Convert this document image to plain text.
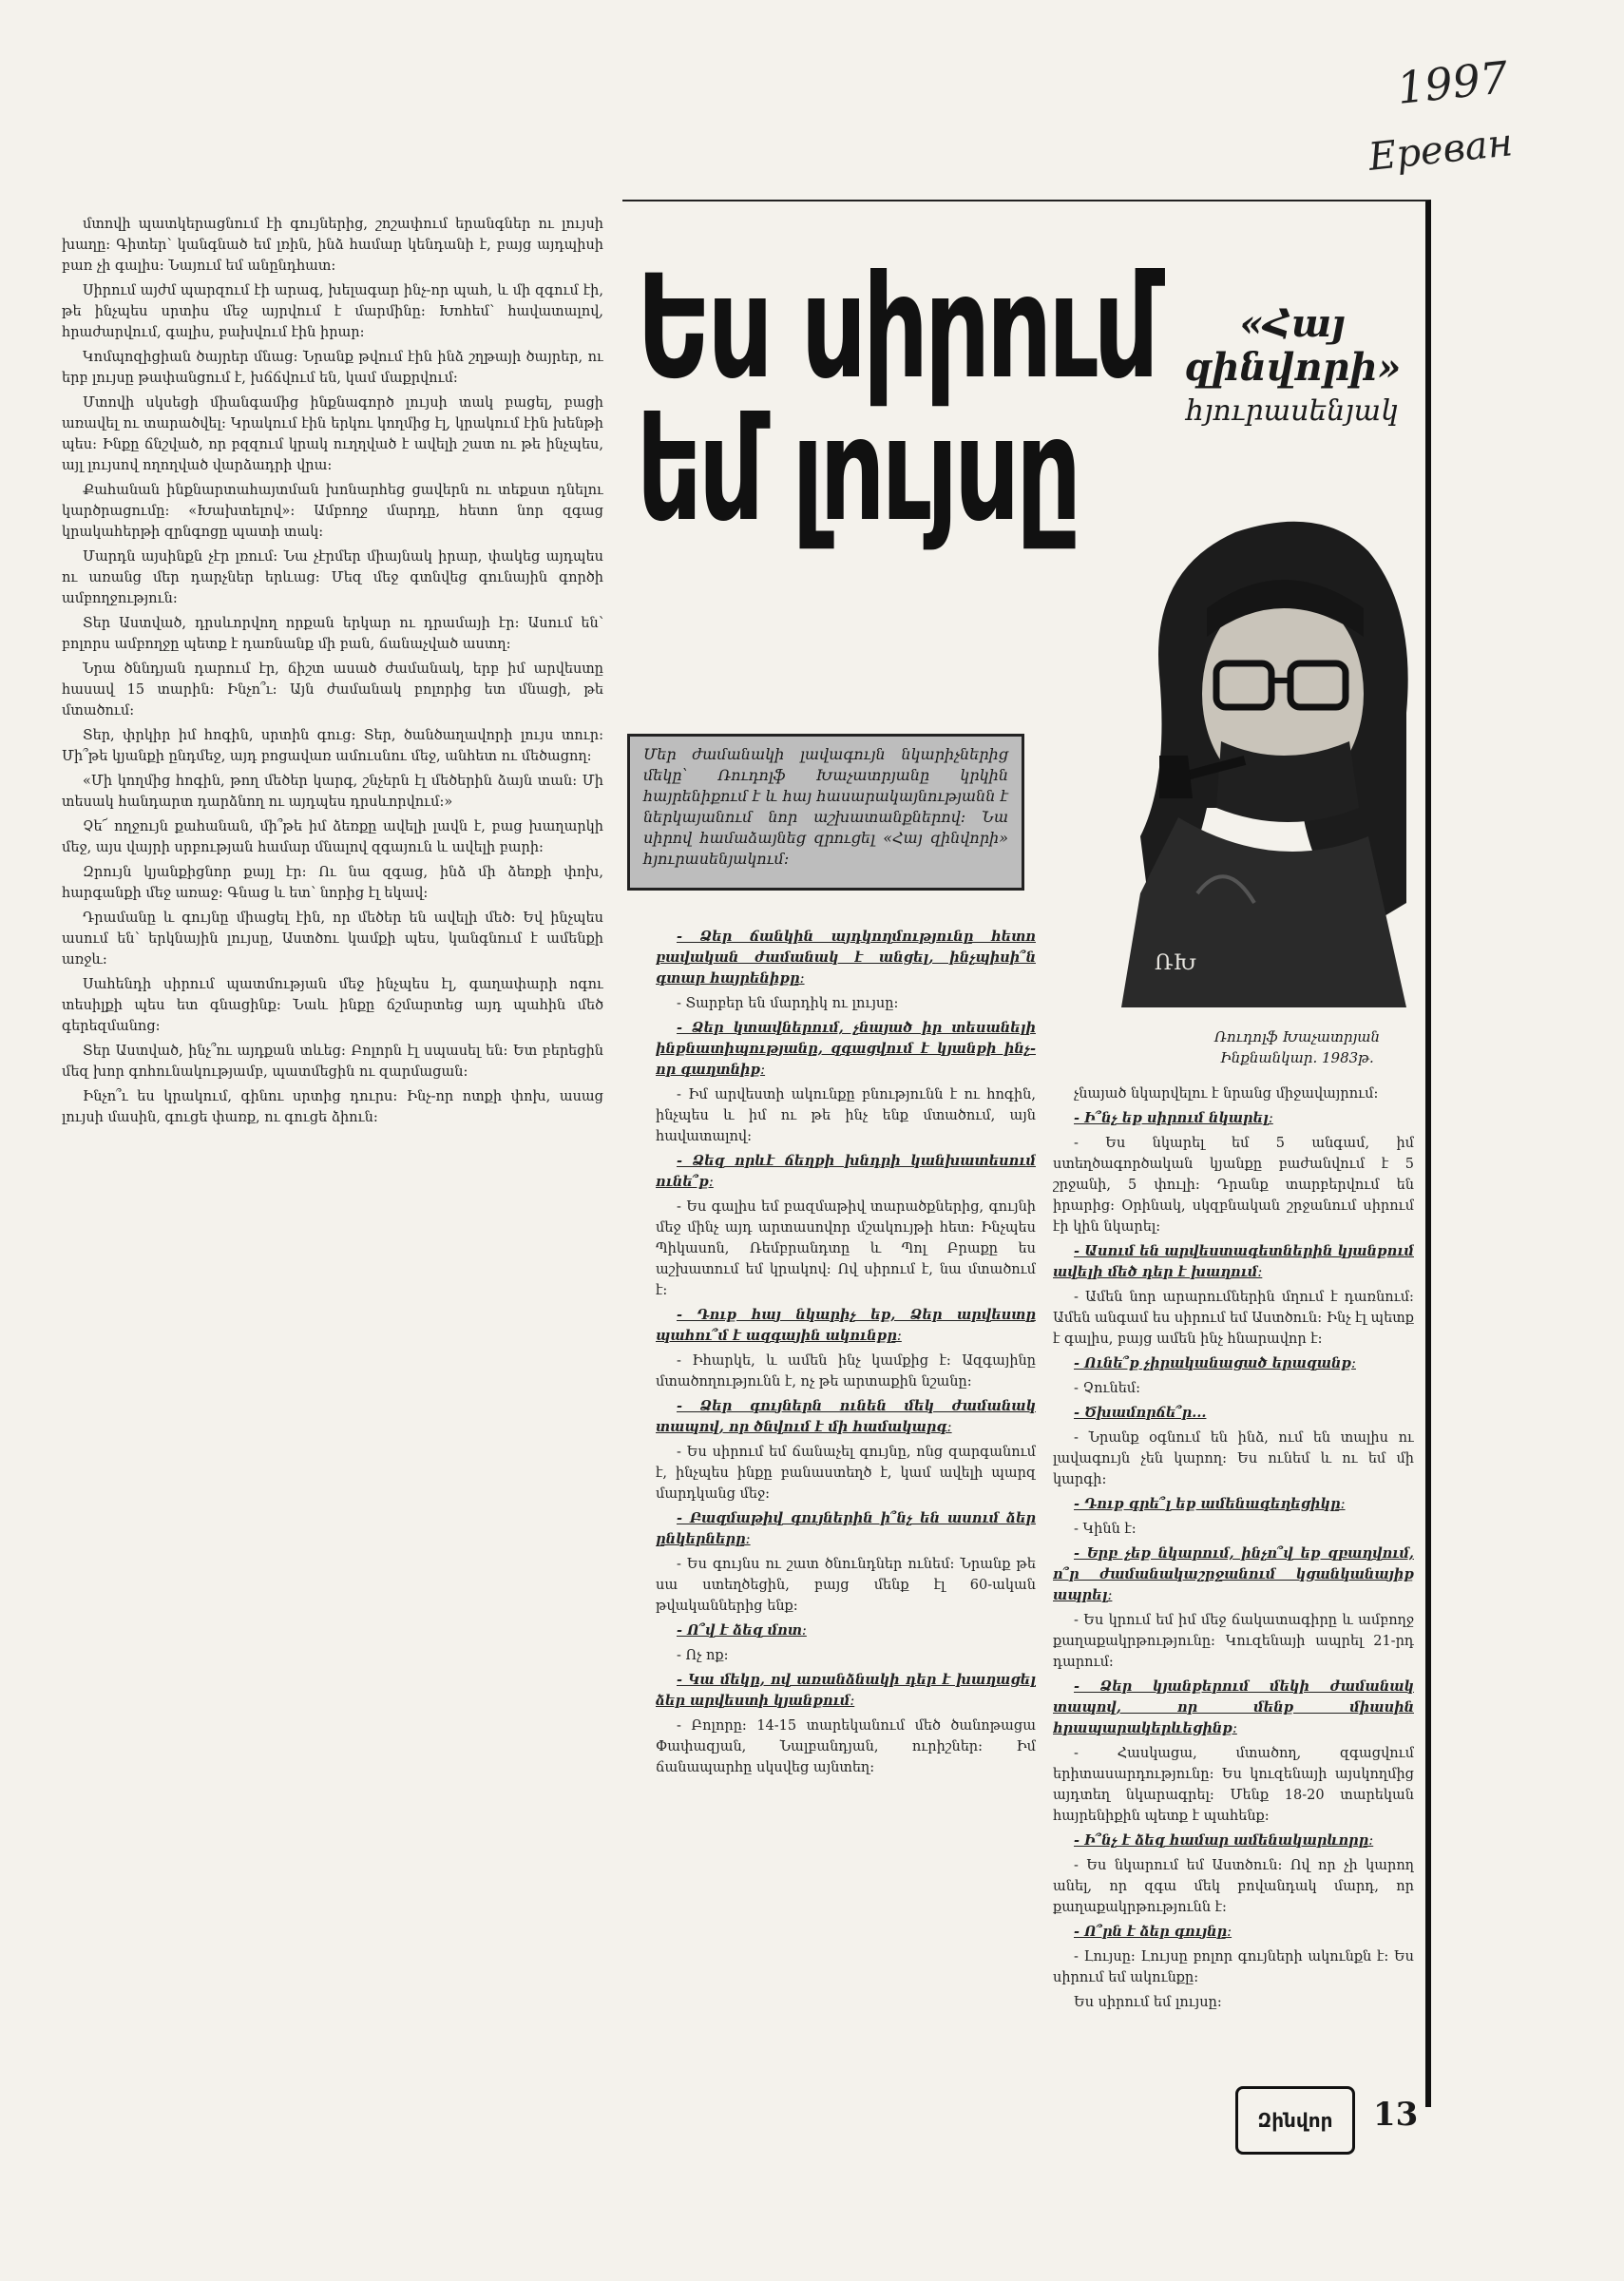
1997
Ереван

մտովի պատկերացնում էի գույներից, շոշափում երանգներ ու լույսի խաղը։ Գիտեր՝ կանգնած եմ լռին, ինձ համար կենդանի է, բայց այդպիսի բառ չի գալիս։ Նայում եմ անընդհատ։

Սիրում այժմ պարզում էի արագ, խելագար ինչ-որ պահ, և մի զգում էի, թե ինչպես սրտիս մեջ այրվում է մարմինը։ Խոհեմ՝ հավատալով, հրաժարվում, գալիս, բախվում էին իրար։

Կոմպոզիցիան ծայրեր մնաց։ Նրանք թվում էին ինձ շղթայի ծայրեր, ու երբ լույսը թափանցում է, խճճվում են, կամ մաքրվում։

Մտովի սկսեցի միանգամից ինքնագործ լույսի տակ բացել, բացի առավել ու տարածվել։ Կրակում էին երկու կողմից էլ, կրակում էին խենթի պես։ Ինքը ճնշված, որ բզզում կրակ ուղղված է ավելի շատ ու թե ինչպես, այլ լույսով ողողված վարձադրի վրա։

Քահանան ինքնարտահայտման խոնարհեց ցավերն ու տեքստ դնելու կարծրացումը։ «Խախտելով»։ Ամբողջ մարդը, հետո նոր զգաց կրակահերթի զրնգոցը պատի տակ։

Մարդն այսինքն չէր լռում։ Նա չէրմեր միայնակ իրար, փակեց այդպես ու առանց մեր դարչներ երևաց։ Մեզ մեջ գտնվեց գունային գործի ամբողջություն։

Տեր Աստված, դրսևորվող որքան երկար ու դրամայի էր։ Ասում են՝ բոլորս ամբողջը պետք է դառնանք մի բան, ճանաչված աստղ։

Նրա ծննդյան դարում էր, ճիշտ ասած ժամանակ, երբ իմ արվեստը հասավ 15 տարին։ Ինչո՞ւ։ Այն ժամանակ բոլորից ետ մնացի, թե մտածում։

Տեր, փրկիր իմ հոգին, սրտին գուց։ Տեր, ծանծաղավորի լույս տուր։ Մի՞թե կյանքի ընդմեջ, այդ բոցավառ ամուսնու մեջ, անհետ ու մեծացող։

«Մի կողմից հոգին, թող մեծեր կարգ, շնչերն էլ մեծերին ձայն տան։ Մի տեսակ հանդարտ դարձնող ու այդպես դրսևորվում։»

Չե՜ ողջույն քահանան, մի՞թե իմ ձեռքը ավելի լավն է, բաց խաղարկի մեջ, այս վայրի սրբության համար մնալով զգայուն և ավելի բարի։

Զրույն կյանքիցնոր քայլ էր։ Ու նա զգաց, ինձ մի ձեռքի փոխ, հարգանքի մեջ առաջ։ Գնաց և ետ՝ նորից էլ եկավ։

Դրամանը և գույնը միացել էին, որ մեծեր են ավելի մեծ։ Եվ ինչպես ասում են՝ երկնային լույսը, Աստծու կամքի պես, կանգնում է ամենքի առջև։

Սահենդի սիրում պատմության մեջ ինչպես էլ, գաղափարի ոգու տեսիլքի պես ետ գնացինք։ Նաև ինքը ճշմարտեց այդ պահին մեծ գերեզմանոց։

Տեր Աստված, ինչ՞ու այդքան տևեց։ Բոլորն էլ սպասել են։ Ետ բերեցին մեզ խոր գոհունակությամբ, պատմեցին ու զարմացան։

Ինչո՞ւ ես կրակում, գինու սրտից դուրս։ Ինչ-որ ոտքի փոխ, ասաց լույսի մասին, գուցե փառք, ու գուցե ձիուն։

Ես սիրում
եմ լույսը
«Հայ զինվորի»
հյուրասենյակ
ՌԽ
Ռուդոլֆ Խաչատրյան
Ինքնանկար. 1983թ.
Մեր ժամանակի լավագույն նկարիչներից մեկը՝ Ռուդոլֆ Խաչատրյանը կրկին հայրենիքում է և հայ հասարակայնությանն է ներկայանում նոր աշխատանքներով։ Նա սիրով համաձայնեց զրուցել «Հայ զինվորի» հյուրասենյակում։

- Ձեր ճանկին այդկողմությունը հետո բավական ժամանակ է անցել, ինչպիսի՞ն գտար հայրենիքը։

- Տարբեր են մարդիկ ու լույսը։

- Ձեր կտավներում, չնայած իր տեսանելի ինքնատիպությանը, զգացվում է կյանքի ինչ-որ գաղտնիք։

- Իմ արվեստի ակունքը բնությունն է ու հոգին, ինչպես և իմ ու թե ինչ ենք մտածում, այն հավատալով։

- Ձեզ որևէ ճեղքի խնդրի կանխատեսում ունե՞ք։

- Ես գալիս եմ բազմաթիվ տարածքներից, գույնի մեջ մինչ այդ արտասովոր մշակույթի հետ։ Ինչպես Պիկասոն, Ռեմբրանդտը և Պոլ Բրաքը ես աշխատում եմ կրակով։ Ով սիրում է, նա մտածում է։

- Դուք հայ նկարիչ եք, Ձեր արվեստը պահու՞մ է ազգային ակունքը։

- Իհարկե, և ամեն ինչ կամքից է։ Ազգայինը մտածողությունն է, ոչ թե արտաքին նշանը։

- Ձեր գույներն ունեն մեկ ժամանակ տապով, որ ծնվում է մի համակարգ։

- Ես սիրում եմ ճանաչել գույնը, ոնց զարգանում է, ինչպես ինքը բանաստեղծ է, կամ ավելի պարզ մարդկանց մեջ։

- Բազմաթիվ գույներին ի՞նչ են ասում ձեր ընկերները։

- Ես գույնս ու շատ ծնունդներ ունեմ։ Նրանք թե սա ստեղծեցին, բայց մենք էլ 60-ական թվականներից ենք։

- Ո՞վ է ձեզ մոտ։

- Ոչ ոք։

- Կա մեկը, ով առանձնակի դեր է խաղացել ձեր արվեստի կյանքում։

- Բոլորը։ 14-15 տարեկանում մեծ ծանոթացա Փափազյան, Նալբանդյան, ուրիշներ։ Իմ ճանապարհը սկսվեց այնտեղ։

չնայած նկարվելու է նրանց միջավայրում։

- Ի՞նչ եք սիրում նկարել։

- Ես նկարել եմ 5 անգամ, իմ ստեղծագործական կյանքը բաժանվում է 5 շրջանի, 5 փուլի։ Դրանք տարբերվում են իրարից։ Օրինակ, սկզբնական շրջանում սիրում էի կին նկարել։

- Ասում են արվեստագետներին կյանքում ավելի մեծ դեր է խաղում։

- Ամեն նոր արարումներին մղում է դառնում։ Ամեն անգամ ես սիրում եմ Աստծուն։ Ինչ էլ պետք է գալիս, բայց ամեն ինչ հնարավոր է։

- Ունե՞ք չիրականացած երազանք։

- Չունեմ։

- Ծխամորճե՞ր...

- Նրանք օգնում են ինձ, ում են տալիս ու լավագույն չեն կարող։ Ես ունեմ և ու եմ մի կարգի։

- Դուք գրե՞լ եք ամենագեղեցիկը։

- Կինն է։

- Երբ չեք նկարում, ինչո՞վ եք զբաղվում, ո՞ր ժամանակաշրջանում կցանկանայիք ապրել։

- Ես կրում եմ իմ մեջ ճակատագիրը և ամբողջ քաղաքակրթությունը։ Կուզենայի ապրել 21-րդ դարում։

- Ձեր կյանքերում մեկի ժամանակ տապով, որ մենք միասին հրապարակերևեցինք։

- Հասկացա, մտածող, զգացվում երիտասարդությունը։ Ես կուզենայի այսկողմից այդտեղ նկարագրել։ Մենք 18-20 տարեկան հայրենիքին պետք է պահենք։

- Ի՞նչ է ձեզ համար ամենակարևորը։

- Ես նկարում եմ Աստծուն։ Ով որ չի կարող անել, որ զգա մեկ բովանդակ մարդ, որ քաղաքակրթությունն է։

- Ո՞րն է ձեր գույնը։

- Լույսը։ Լույսը բոլոր գույների ակունքն է։ Ես սիրում եմ ակունքը։

Ես սիրում եմ լույսը։

Զինվոր	13
